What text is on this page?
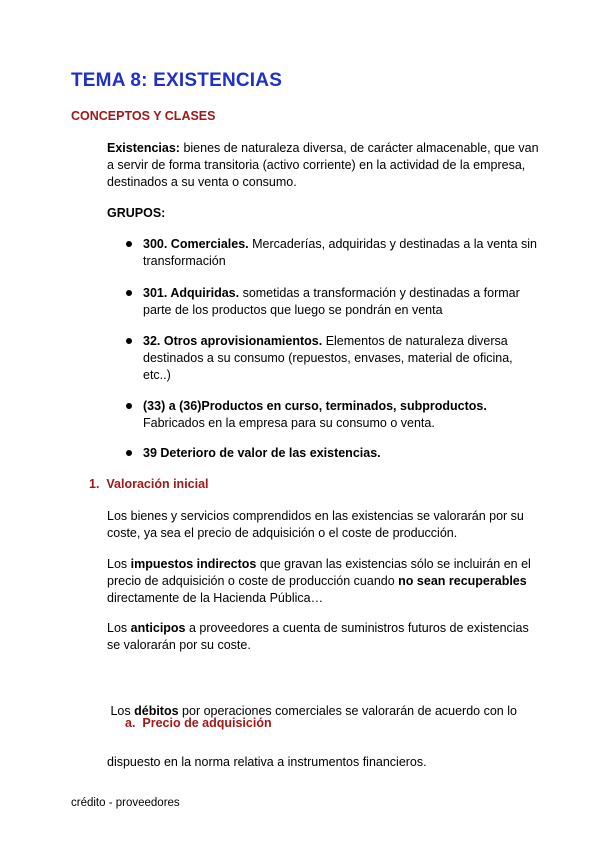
TEMA 8: EXISTENCIAS
CONCEPTOS Y CLASES
Existencias: bienes de naturaleza diversa, de carácter almacenable, que van
a servir de forma transitoria (activo corriente) en la actividad de la empresa,
destinados a su venta o consumo.
GRUPOS:
300. Comerciales. Mercaderías, adquiridas y destinadas a la venta sin
transformación
301. Adquiridas. sometidas a transformación y destinadas a formar
parte de los productos que luego se pondrán en venta
32. Otros aprovisionamientos. Elementos de naturaleza diversa
destinados a su consumo (repuestos, envases, material de oficina,
etc..)
(33) a (36)Productos en curso, terminados, subproductos.
Fabricados en la empresa para su consumo o venta.
39 Deterioro de valor de las existencias.
1. Valoración inicial
Los bienes y servicios comprendidos en las existencias se valorarán por su
coste, ya sea el precio de adquisición o el coste de producción.
Los impuestos indirectos que gravan las existencias sólo se incluirán en el
precio de adquisición o coste de producción cuando no sean recuperables
directamente de la Hacienda Pública…
Los anticipos a proveedores a cuenta de suministros futuros de existencias
se valorarán por su coste.

Los débitos por operaciones comerciales se valorarán de acuerdo con lo

dispuesto en la norma relativa a instrumentos financieros.

a. Precio de adquisición
crédito - proveedores
